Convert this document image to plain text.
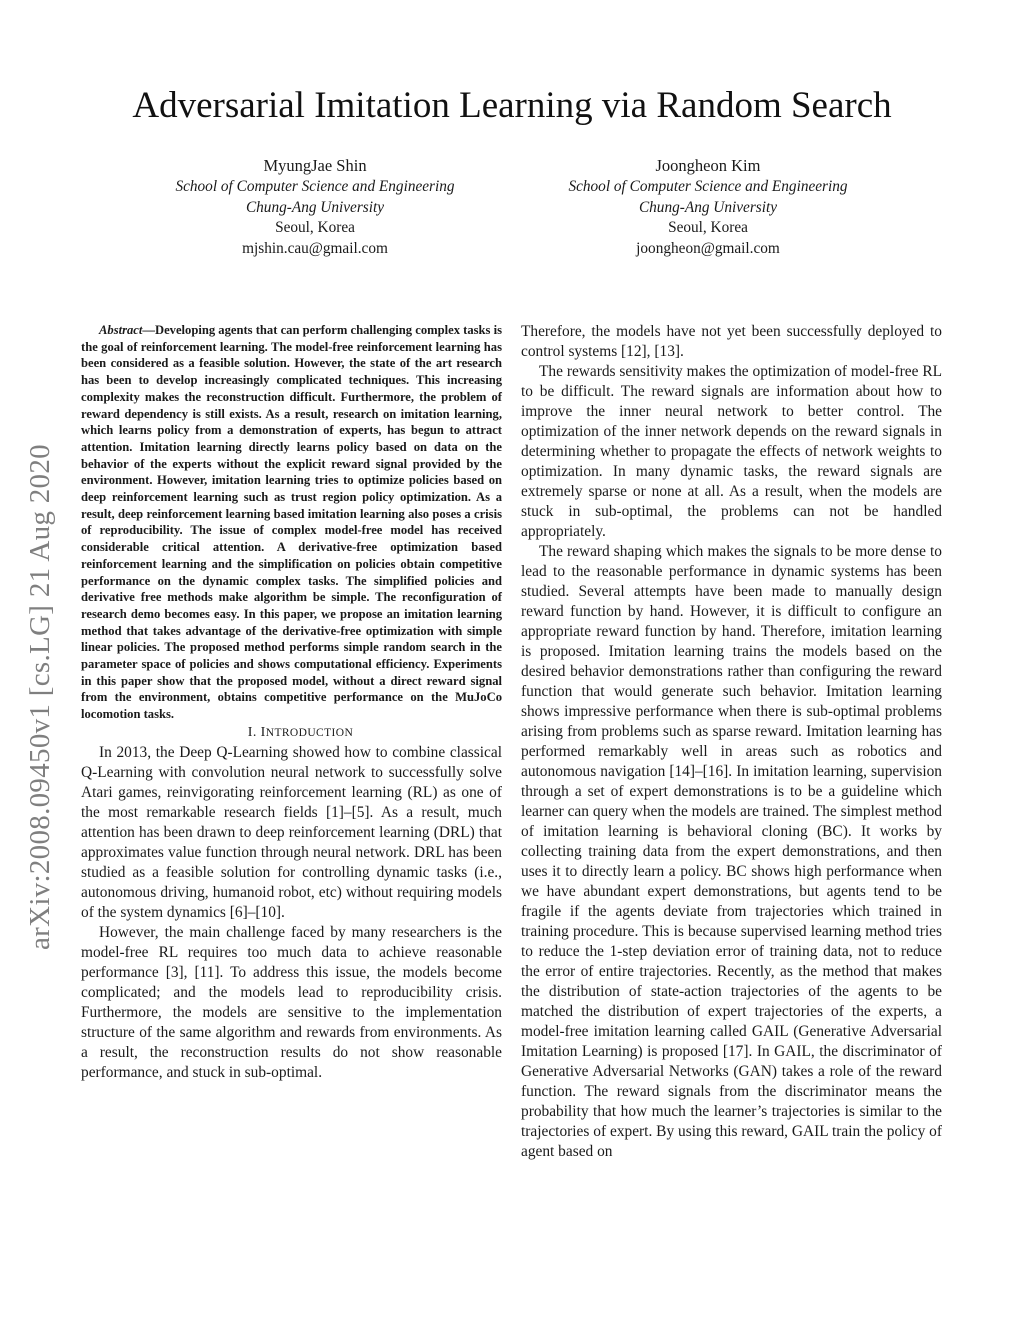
arXiv:2008.09450v1 [cs.LG] 21 Aug 2020
Adversarial Imitation Learning via Random Search
MyungJae Shin
School of Computer Science and Engineering
Chung-Ang University
Seoul, Korea
mjshin.cau@gmail.com
Joongheon Kim
School of Computer Science and Engineering
Chung-Ang University
Seoul, Korea
joongheon@gmail.com

Abstract—Developing agents that can perform challenging complex tasks is the goal of reinforcement learning. The model-free reinforcement learning has been considered as a feasible solution. However, the state of the art research has been to develop increasingly complicated techniques. This increasing complexity makes the reconstruction difficult. Furthermore, the problem of reward dependency is still exists. As a result, research on imitation learning, which learns policy from a demonstration of experts, has begun to attract attention. Imitation learning directly learns policy based on data on the behavior of the experts without the explicit reward signal provided by the environment. However, imitation learning tries to optimize policies based on deep reinforcement learning such as trust region policy optimization. As a result, deep reinforcement learning based imitation learning also poses a crisis of reproducibility. The issue of complex model-free model has received considerable critical attention. A derivative-free optimization based reinforcement learning and the simplification on policies obtain competitive performance on the dynamic complex tasks. The simplified policies and derivative free methods make algorithm be simple. The reconfiguration of research demo becomes easy. In this paper, we propose an imitation learning method that takes advantage of the derivative-free optimization with simple linear policies. The proposed method performs simple random search in the parameter space of policies and shows computational efficiency. Experiments in this paper show that the proposed model, without a direct reward signal from the environment, obtains competitive performance on the MuJoCo locomotion tasks.

I. INTRODUCTION

In 2013, the Deep Q-Learning showed how to combine classical Q-Learning with convolution neural network to successfully solve Atari games, reinvigorating reinforcement learning (RL) as one of the most remarkable research fields [1]–[5]. As a result, much attention has been drawn to deep reinforcement learning (DRL) that approximates value function through neural network. DRL has been studied as a feasible solution for controlling dynamic tasks (i.e., autonomous driving, humanoid robot, etc) without requiring models of the system dynamics [6]–[10].

However, the main challenge faced by many researchers is the model-free RL requires too much data to achieve reasonable performance [3], [11]. To address this issue, the models become complicated; and the models lead to reproducibility crisis. Furthermore, the models are sensitive to the implementation structure of the same algorithm and rewards from environments. As a result, the reconstruction results do not show reasonable performance, and stuck in sub-optimal.

Therefore, the models have not yet been successfully deployed to control systems [12], [13].

The rewards sensitivity makes the optimization of model-free RL to be difficult. The reward signals are information about how to improve the inner neural network to better control. The optimization of the inner network depends on the reward signals in determining whether to propagate the effects of network weights to optimization. In many dynamic tasks, the reward signals are extremely sparse or none at all. As a result, when the models are stuck in sub-optimal, the problems can not be handled appropriately.

The reward shaping which makes the signals to be more dense to lead to the reasonable performance in dynamic systems has been studied. Several attempts have been made to manually design reward function by hand. However, it is difficult to configure an appropriate reward function by hand. Therefore, imitation learning is proposed. Imitation learning trains the models based on the desired behavior demonstrations rather than configuring the reward function that would generate such behavior. Imitation learning shows impressive performance when there is sub-optimal problems arising from problems such as sparse reward. Imitation learning has performed remarkably well in areas such as robotics and autonomous navigation [14]–[16]. In imitation learning, supervision through a set of expert demonstrations is to be a guideline which learner can query when the models are trained. The simplest method of imitation learning is behavioral cloning (BC). It works by collecting training data from the expert demonstrations, and then uses it to directly learn a policy. BC shows high performance when we have abundant expert demonstrations, but agents tend to be fragile if the agents deviate from trajectories which trained in training procedure. This is because supervised learning method tries to reduce the 1-step deviation error of training data, not to reduce the error of entire trajectories. Recently, as the method that makes the distribution of state-action trajectories of the agents to be matched the distribution of expert trajectories of the experts, a model-free imitation learning called GAIL (Generative Adversarial Imitation Learning) is proposed [17]. In GAIL, the discriminator of Generative Adversarial Networks (GAN) takes a role of the reward function. The reward signals from the discriminator means the probability that how much the learner’s trajectories is similar to the trajectories of expert. By using this reward, GAIL train the policy of agent based on
